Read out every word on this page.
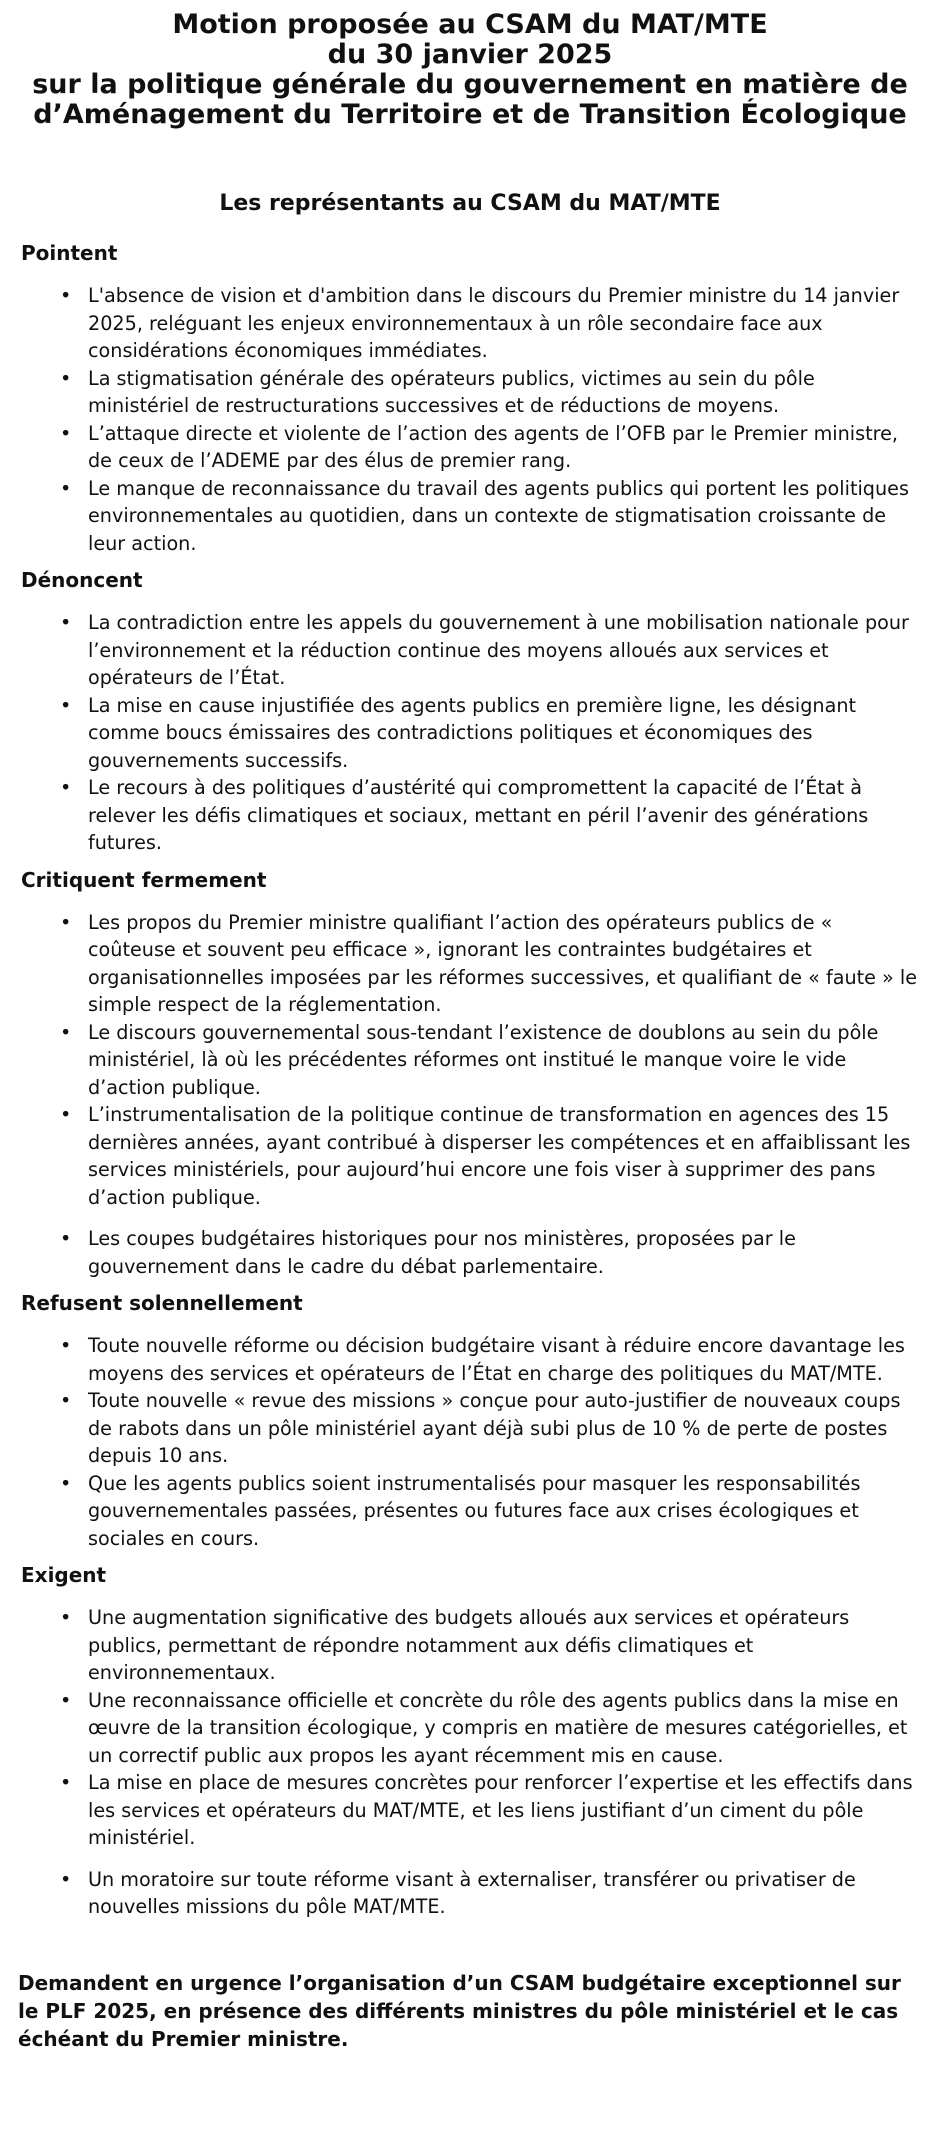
Motion proposée au CSAM du MAT/MTE
du 30 janvier 2025
sur la politique générale du gouvernement en matière de
d’Aménagement du Territoire et de Transition Écologique
Les représentants au CSAM du MAT/MTE
Pointent
• L'absence de vision et d'ambition dans le discours du Premier ministre du 14 janvier 2025, reléguant les enjeux environnementaux à un rôle secondaire face aux considérations économiques immédiates.
• La stigmatisation générale des opérateurs publics, victimes au sein du pôle ministériel de restructurations successives et de réductions de moyens.
• L’attaque directe et violente de l’action des agents de l’OFB par le Premier ministre, de ceux de l’ADEME par des élus de premier rang.
• Le manque de reconnaissance du travail des agents publics qui portent les politiques environnementales au quotidien, dans un contexte de stigmatisation croissante de leur action.
Dénoncent
• La contradiction entre les appels du gouvernement à une mobilisation nationale pour l’environnement et la réduction continue des moyens alloués aux services et opérateurs de l’État.
• La mise en cause injustifiée des agents publics en première ligne, les désignant comme boucs émissaires des contradictions politiques et économiques des gouvernements successifs.
• Le recours à des politiques d’austérité qui compromettent la capacité de l’État à relever les défis climatiques et sociaux, mettant en péril l’avenir des générations futures.
Critiquent fermement
• Les propos du Premier ministre qualifiant l’action des opérateurs publics de « coûteuse et souvent peu efficace », ignorant les contraintes budgétaires et organisationnelles imposées par les réformes successives, et qualifiant de « faute » le simple respect de la réglementation.
• Le discours gouvernemental sous-tendant l’existence de doublons au sein du pôle ministériel, là où les précédentes réformes ont institué le manque voire le vide d’action publique.
• L’instrumentalisation de la politique continue de transformation en agences des 15 dernières années, ayant contribué à disperser les compétences et en affaiblissant les services ministériels, pour aujourd’hui encore une fois viser à supprimer des pans d’action publique.
• Les coupes budgétaires historiques pour nos ministères, proposées par le gouvernement dans le cadre du débat parlementaire.
Refusent solennellement
• Toute nouvelle réforme ou décision budgétaire visant à réduire encore davantage les moyens des services et opérateurs de l’État en charge des politiques du MAT/MTE.
• Toute nouvelle « revue des missions » conçue pour auto-justifier de nouveaux coups de rabots dans un pôle ministériel ayant déjà subi plus de 10 % de perte de postes depuis 10 ans.
• Que les agents publics soient instrumentalisés pour masquer les responsabilités gouvernementales passées, présentes ou futures face aux crises écologiques et sociales en cours.
Exigent
• Une augmentation significative des budgets alloués aux services et opérateurs publics, permettant de répondre notamment aux défis climatiques et environnementaux.
• Une reconnaissance officielle et concrète du rôle des agents publics dans la mise en œuvre de la transition écologique, y compris en matière de mesures catégorielles, et un correctif public aux propos les ayant récemment mis en cause.
• La mise en place de mesures concrètes pour renforcer l’expertise et les effectifs dans les services et opérateurs du MAT/MTE, et les liens justifiant d’un ciment du pôle ministériel.
• Un moratoire sur toute réforme visant à externaliser, transférer ou privatiser de nouvelles missions du pôle MAT/MTE.
Demandent en urgence l’organisation d’un CSAM budgétaire exceptionnel sur le PLF 2025, en présence des différents ministres du pôle ministériel et le cas échéant du Premier ministre.
